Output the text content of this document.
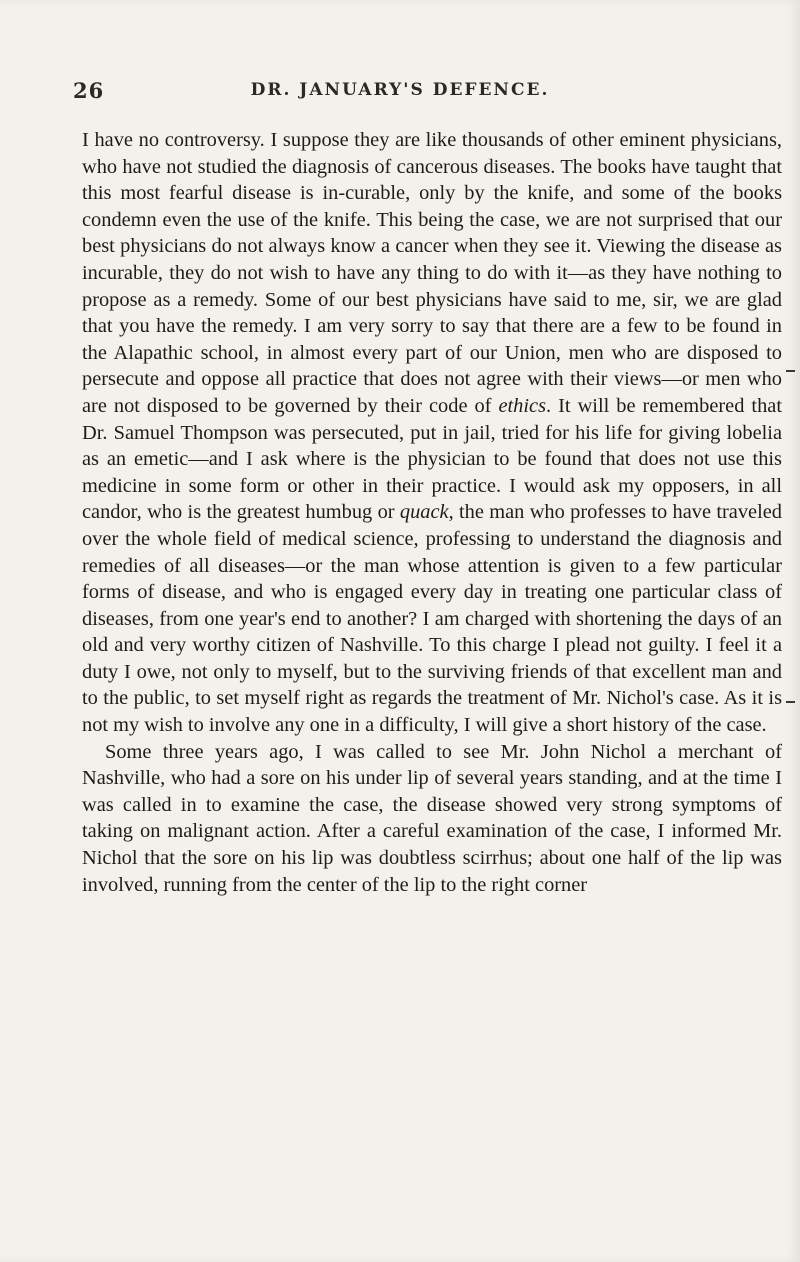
26	DR. JANUARY'S DEFENCE.

I have no controversy. I suppose they are like thousands of other eminent physicians, who have not studied the diagnosis of cancerous diseases. The books have taught that this most fearful disease is in-curable, only by the knife, and some of the books condemn even the use of the knife. This being the case, we are not surprised that our best physicians do not always know a cancer when they see it. Viewing the disease as incurable, they do not wish to have any thing to do with it—as they have nothing to propose as a remedy. Some of our best physicians have said to me, sir, we are glad that you have the remedy. I am very sorry to say that there are a few to be found in the Alapathic school, in almost every part of our Union, men who are disposed to persecute and oppose all practice that does not agree with their views—or men who are not disposed to be governed by their code of ethics. It will be remembered that Dr. Samuel Thompson was persecuted, put in jail, tried for his life for giving lobelia as an emetic—and I ask where is the physician to be found that does not use this medicine in some form or other in their practice. I would ask my opposers, in all candor, who is the greatest humbug or quack, the man who professes to have traveled over the whole field of medical science, professing to understand the diagnosis and remedies of all diseases—or the man whose attention is given to a few particular forms of disease, and who is engaged every day in treating one particular class of diseases, from one year's end to another? I am charged with shortening the days of an old and very worthy citizen of Nashville. To this charge I plead not guilty. I feel it a duty I owe, not only to myself, but to the surviving friends of that excellent man and to the public, to set myself right as regards the treatment of Mr. Nichol's case. As it is not my wish to involve any one in a difficulty, I will give a short history of the case.

Some three years ago, I was called to see Mr. John Nichol a merchant of Nashville, who had a sore on his under lip of several years standing, and at the time I was called in to examine the case, the disease showed very strong symptoms of taking on malignant action. After a careful examination of the case, I informed Mr. Nichol that the sore on his lip was doubtless scirrhus; about one half of the lip was involved, running from the center of the lip to the right corner
